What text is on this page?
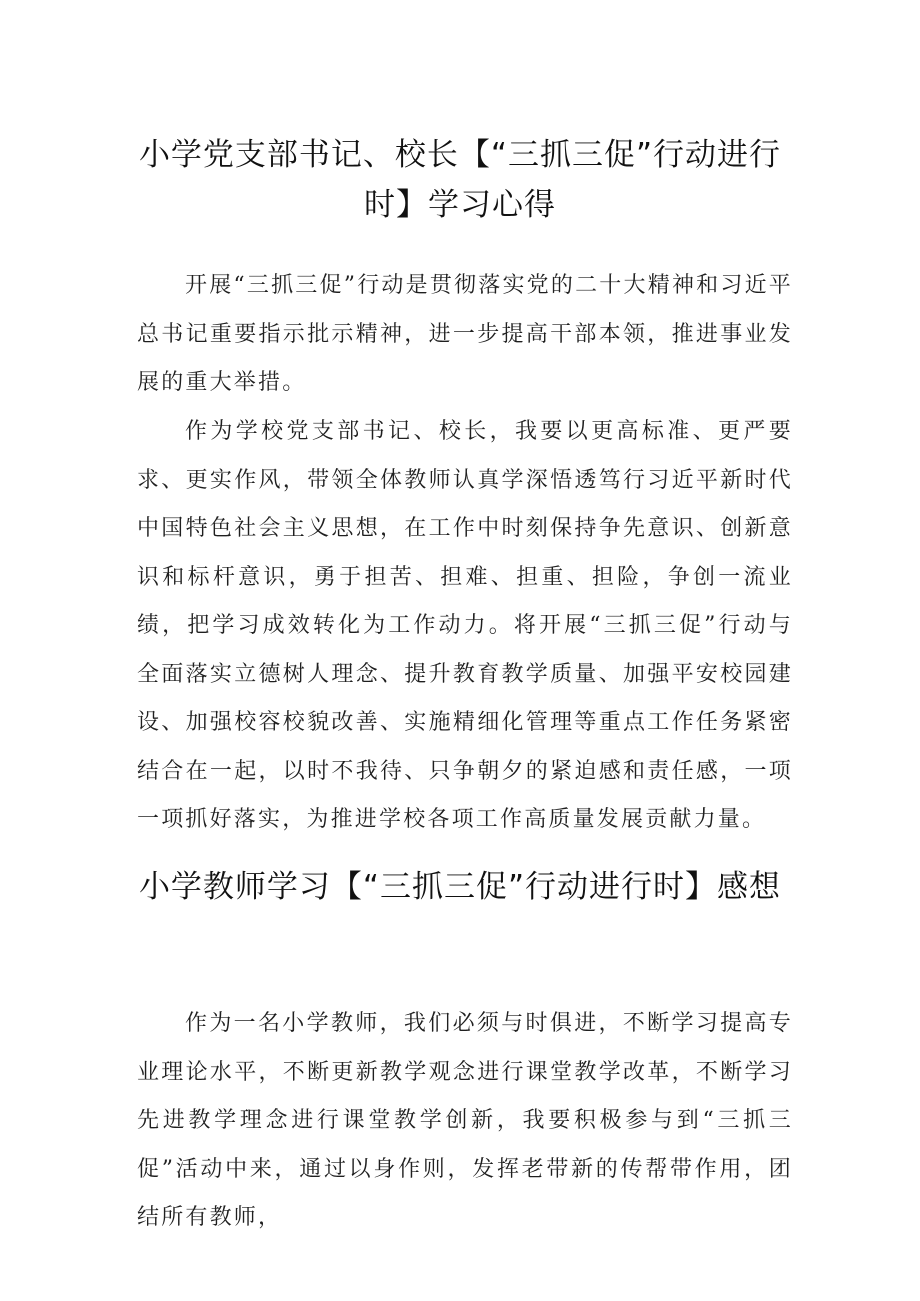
小学党支部书记、校长【“三抓三促”行动进行时】学习心得

开展“三抓三促”行动是贯彻落实党的二十大精神和习近平总书记重要指示批示精神，进一步提高干部本领，推进事业发展的重大举措。

作为学校党支部书记、校长，我要以更高标准、更严要求、更实作风，带领全体教师认真学深悟透笃行习近平新时代中国特色社会主义思想，在工作中时刻保持争先意识、创新意识和标杆意识，勇于担苦、担难、担重、担险，争创一流业绩，把学习成效转化为工作动力。将开展“三抓三促”行动与全面落实立德树人理念、提升教育教学质量、加强平安校园建设、加强校容校貌改善、实施精细化管理等重点工作任务紧密结合在一起，以时不我待、只争朝夕的紧迫感和责任感，一项一项抓好落实，为推进学校各项工作高质量发展贡献力量。

小学教师学习【“三抓三促”行动进行时】感想

作为一名小学教师，我们必须与时俱进，不断学习提高专业理论水平，不断更新教学观念进行课堂教学改革，不断学习先进教学理念进行课堂教学创新，我要积极参与到“三抓三促”活动中来，通过以身作则，发挥老带新的传帮带作用，团结所有教师，
